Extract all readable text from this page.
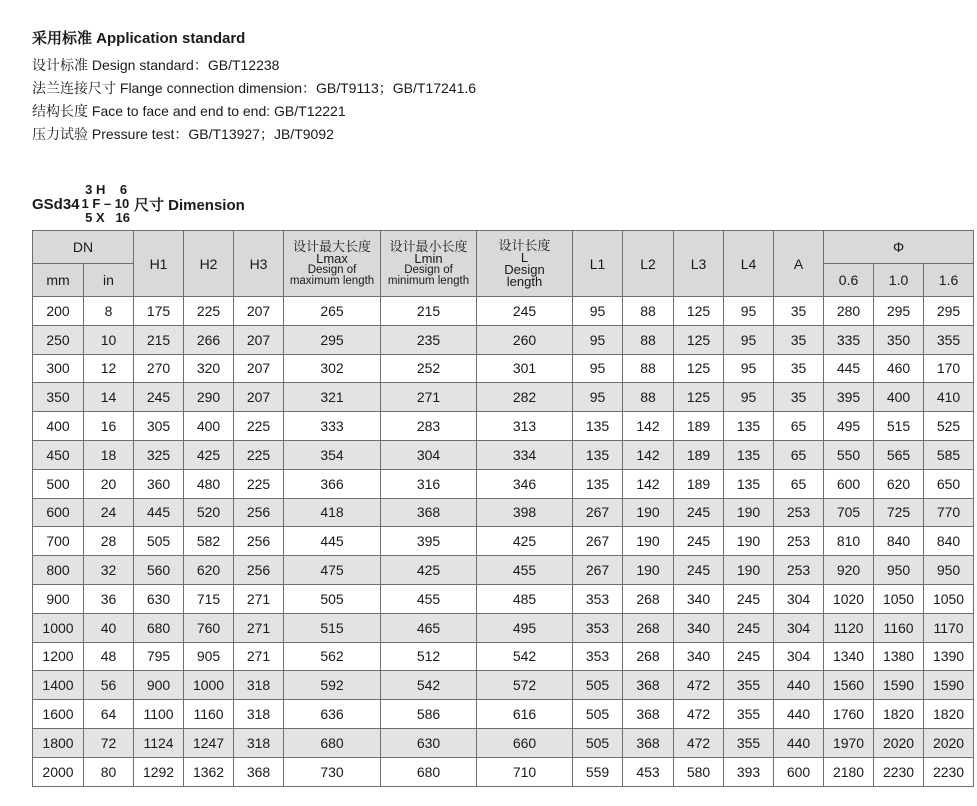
采用标准 Application standard
设计标准 Design standard：GB/T12238
法兰连接尺寸 Flange connection dimension：GB/T9113；GB/T17241.6
结构长度 Face to face and end to end: GB/T12221
压力试验 Pressure test：GB/T13927；JB/T9092
GSd34
3 H    6
1 F – 10
5 X   16
尺寸 Dimension
DN		H1	H2	H3	设计最大长度
Lmax
Design of
maximum length	设计最小长度
Lmin
Design of
minimum length	设计长度
L
Design
length	L1	L2	L3	L4	A	Φ		
mm	in												0.6	1.0	1.6
200	8	175	225	207	265	215	245	95	88	125	95	35	280	295	295
250	10	215	266	207	295	235	260	95	88	125	95	35	335	350	355
300	12	270	320	207	302	252	301	95	88	125	95	35	445	460	170
350	14	245	290	207	321	271	282	95	88	125	95	35	395	400	410
400	16	305	400	225	333	283	313	135	142	189	135	65	495	515	525
450	18	325	425	225	354	304	334	135	142	189	135	65	550	565	585
500	20	360	480	225	366	316	346	135	142	189	135	65	600	620	650
600	24	445	520	256	418	368	398	267	190	245	190	253	705	725	770
700	28	505	582	256	445	395	425	267	190	245	190	253	810	840	840
800	32	560	620	256	475	425	455	267	190	245	190	253	920	950	950
900	36	630	715	271	505	455	485	353	268	340	245	304	1020	1050	1050
1000	40	680	760	271	515	465	495	353	268	340	245	304	1120	1160	1170
1200	48	795	905	271	562	512	542	353	268	340	245	304	1340	1380	1390
1400	56	900	1000	318	592	542	572	505	368	472	355	440	1560	1590	1590
1600	64	1100	1160	318	636	586	616	505	368	472	355	440	1760	1820	1820
1800	72	1124	1247	318	680	630	660	505	368	472	355	440	1970	2020	2020
2000	80	1292	1362	368	730	680	710	559	453	580	393	600	2180	2230	2230
